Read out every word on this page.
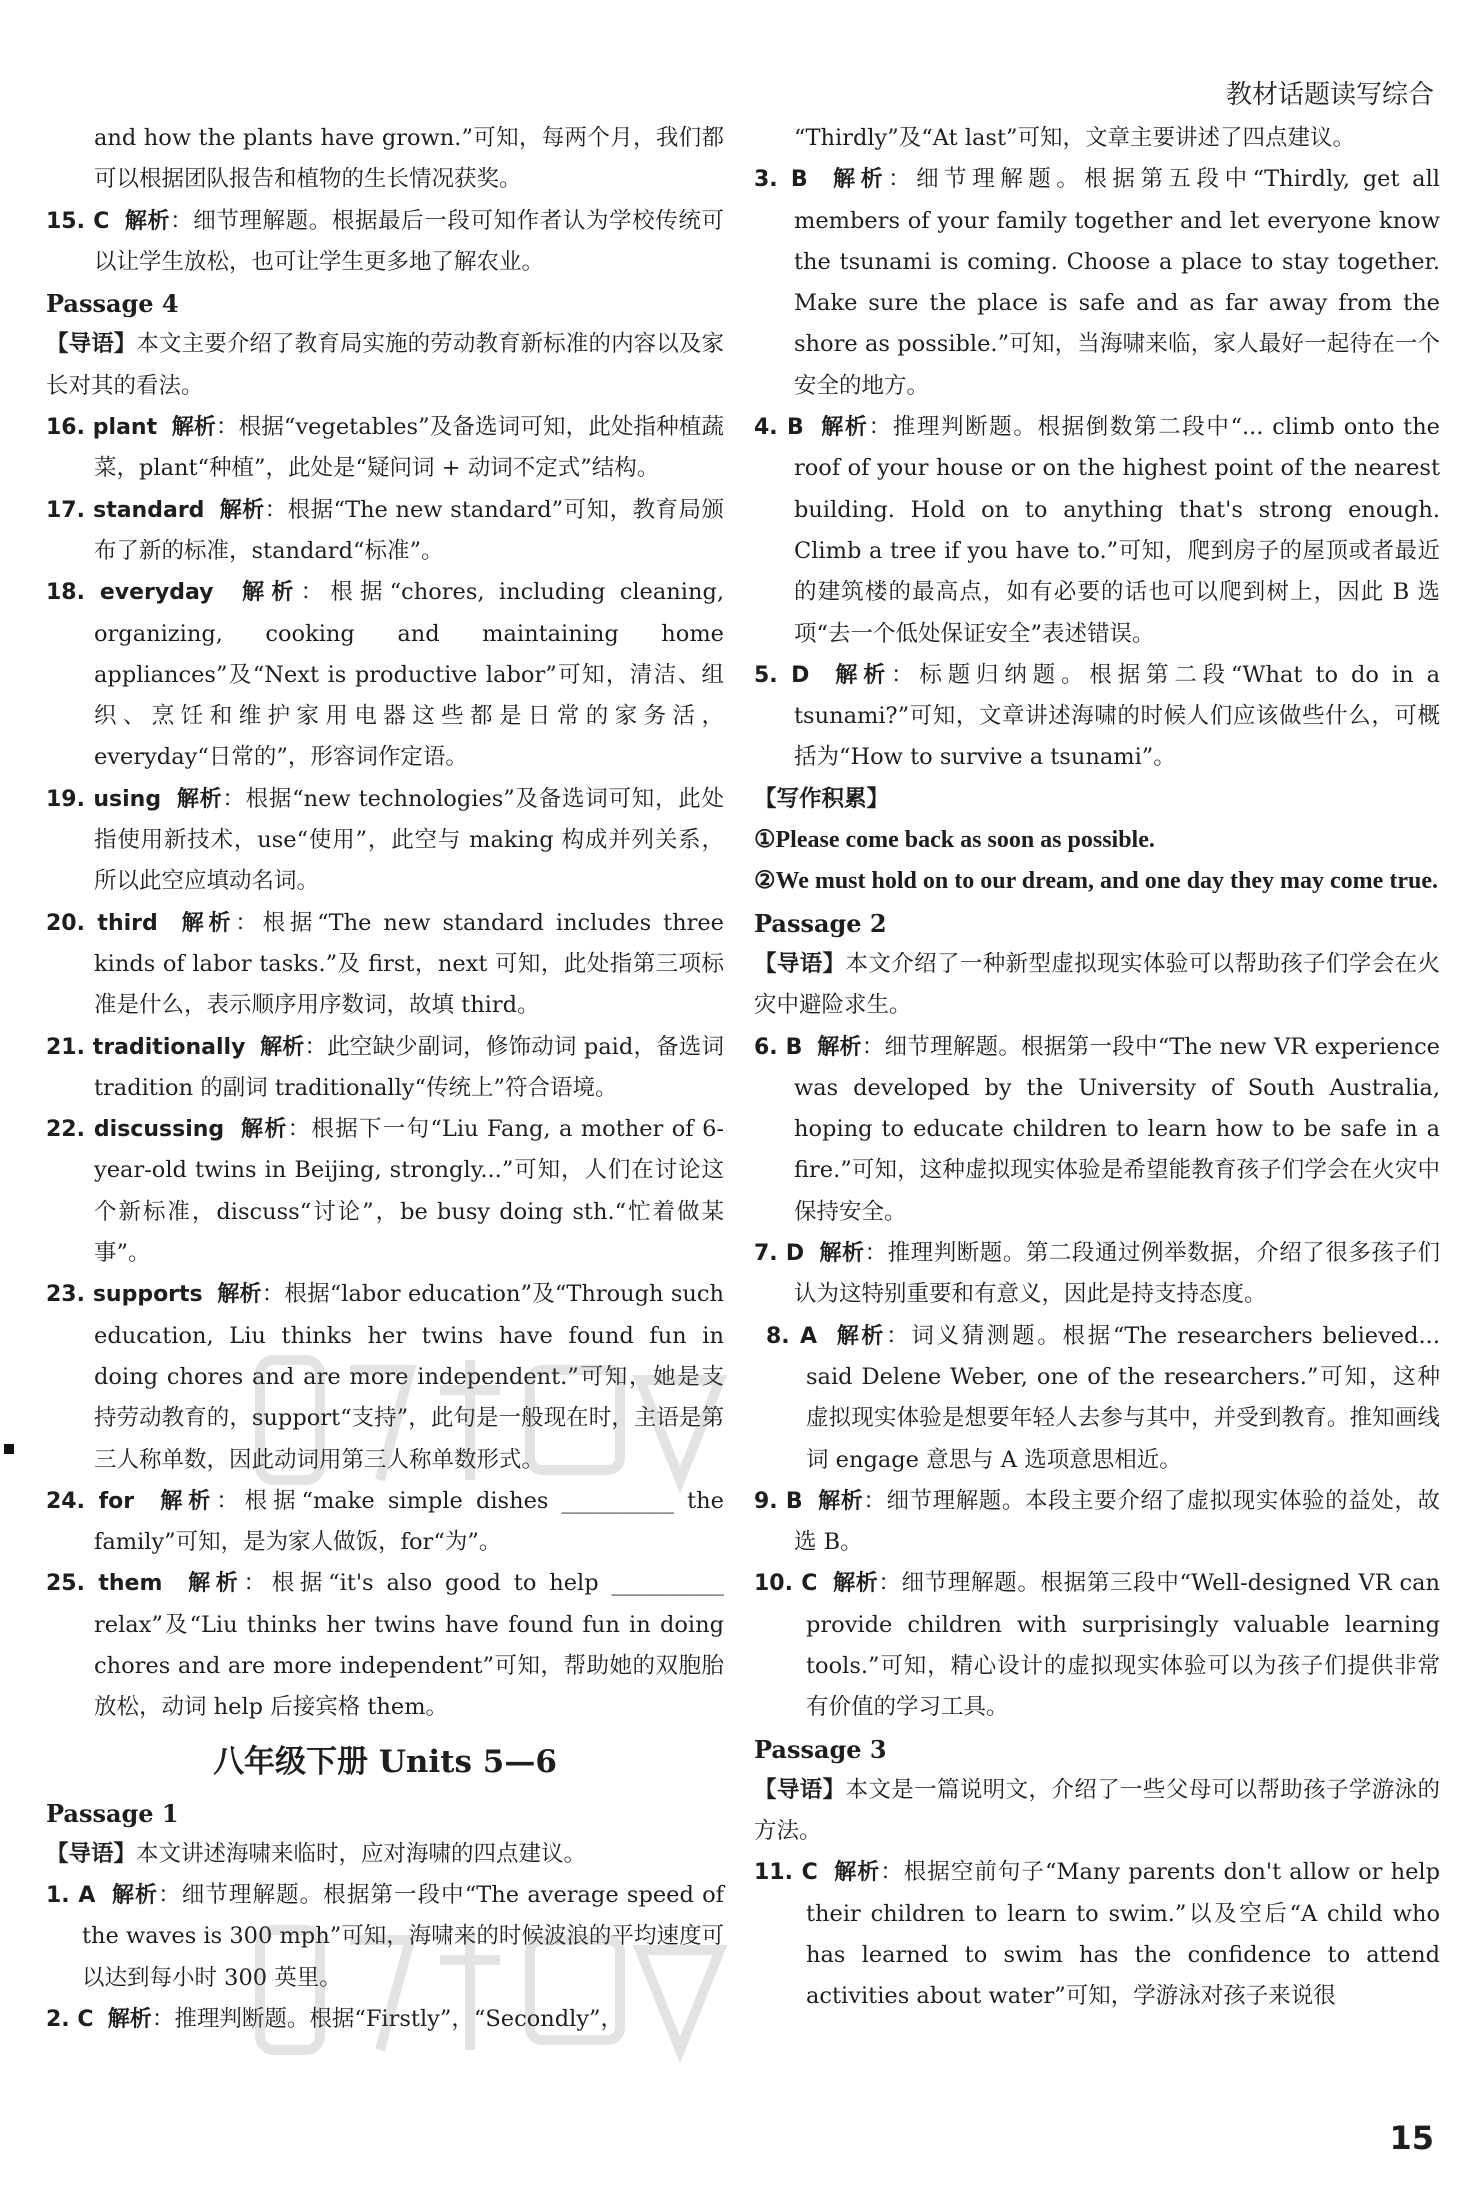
教材话题读写综合

and how the plants have grown.”可知，每两个月，我们都可以根据团队报告和植物的生长情况获奖。

15. C 解析：细节理解题。根据最后一段可知作者认为学校传统可以让学生放松，也可让学生更多地了解农业。

Passage 4

【导语】本文主要介绍了教育局实施的劳动教育新标准的内容以及家长对其的看法。

16. plant 解析：根据“vegetables”及备选词可知，此处指种植蔬菜，plant“种植”，此处是“疑问词 + 动词不定式”结构。

17. standard 解析：根据“The new standard”可知，教育局颁布了新的标准，standard“标准”。

18. everyday 解析：根据“chores, including cleaning, organizing, cooking and maintaining home appliances”及“Next is productive labor”可知，清洁、组织、烹饪和维护家用电器这些都是日常的家务活，everyday“日常的”，形容词作定语。

19. using 解析：根据“new technologies”及备选词可知，此处指使用新技术，use“使用”，此空与 making 构成并列关系，所以此空应填动名词。

20. third 解析：根据“The new standard includes three kinds of labor tasks.”及 first，next 可知，此处指第三项标准是什么，表示顺序用序数词，故填 third。

21. traditionally 解析：此空缺少副词，修饰动词 paid，备选词 tradition 的副词 traditionally“传统上”符合语境。

22. discussing 解析：根据下一句“Liu Fang, a mother of 6-year-old twins in Beijing, strongly...”可知，人们在讨论这个新标准，discuss“讨论”，be busy doing sth.“忙着做某事”。

23. supports 解析：根据“labor education”及“Through such education, Liu thinks her twins have found fun in doing chores and are more independent.”可知，她是支持劳动教育的，support“支持”，此句是一般现在时，主语是第三人称单数，因此动词用第三人称单数形式。

24. for 解析：根据“make simple dishes __________ the family”可知，是为家人做饭，for“为”。

25. them 解析：根据“it's also good to help __________ relax”及“Liu thinks her twins have found fun in doing chores and are more independent”可知，帮助她的双胞胎放松，动词 help 后接宾格 them。

八年级下册 Units 5—6

Passage 1

【导语】本文讲述海啸来临时，应对海啸的四点建议。

1. A 解析：细节理解题。根据第一段中“The average speed of the waves is 300 mph”可知，海啸来的时候波浪的平均速度可以达到每小时 300 英里。

2. C 解析：推理判断题。根据“Firstly”，“Secondly”，

“Thirdly”及“At last”可知，文章主要讲述了四点建议。

3. B 解析：细节理解题。根据第五段中“Thirdly, get all members of your family together and let everyone know the tsunami is coming. Choose a place to stay together. Make sure the place is safe and as far away from the shore as possible.”可知，当海啸来临，家人最好一起待在一个安全的地方。

4. B 解析：推理判断题。根据倒数第二段中“... climb onto the roof of your house or on the highest point of the nearest building. Hold on to anything that's strong enough. Climb a tree if you have to.”可知，爬到房子的屋顶或者最近的建筑楼的最高点，如有必要的话也可以爬到树上，因此 B 选项“去一个低处保证安全”表述错误。

5. D 解析：标题归纳题。根据第二段“What to do in a tsunami?”可知，文章讲述海啸的时候人们应该做些什么，可概括为“How to survive a tsunami”。

【写作积累】

①Please come back as soon as possible.

②We must hold on to our dream, and one day they may come true.

Passage 2

【导语】本文介绍了一种新型虚拟现实体验可以帮助孩子们学会在火灾中避险求生。

6. B 解析：细节理解题。根据第一段中“The new VR experience was developed by the University of South Australia, hoping to educate children to learn how to be safe in a fire.”可知，这种虚拟现实体验是希望能教育孩子们学会在火灾中保持安全。

7. D 解析：推理判断题。第二段通过例举数据，介绍了很多孩子们认为这特别重要和有意义，因此是持支持态度。

8. A 解析：词义猜测题。根据“The researchers believed... said Delene Weber, one of the researchers.”可知，这种虚拟现实体验是想要年轻人去参与其中，并受到教育。推知画线词 engage 意思与 A 选项意思相近。

9. B 解析：细节理解题。本段主要介绍了虚拟现实体验的益处，故选 B。

10. C 解析：细节理解题。根据第三段中“Well-designed VR can provide children with surprisingly valuable learning tools.”可知，精心设计的虚拟现实体验可以为孩子们提供非常有价值的学习工具。

Passage 3

【导语】本文是一篇说明文，介绍了一些父母可以帮助孩子学游泳的方法。

11. C 解析：根据空前句子“Many parents don't allow or help their children to learn to swim.”以及空后“A child who has learned to swim has the confidence to attend activities about water”可知，学游泳对孩子来说很

15
